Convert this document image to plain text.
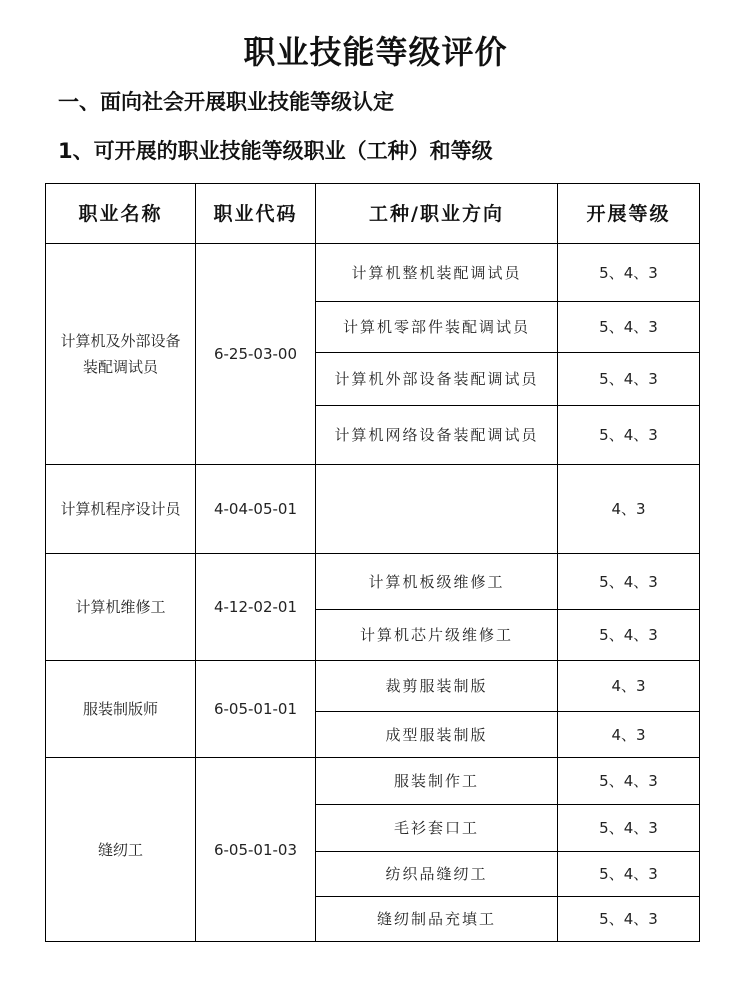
职业技能等级评价
一、面向社会开展职业技能等级认定
1、可开展的职业技能等级职业（工种）和等级
职业名称	职业代码	工种/职业方向	开展等级
计算机及外部设备装配调试员	6-25-03-00	计算机整机装配调试员	5、4、3
		计算机零部件装配调试员	5、4、3
		计算机外部设备装配调试员	5、4、3
		计算机网络设备装配调试员	5、4、3
计算机程序设计员	4-04-05-01		4、3
计算机维修工	4-12-02-01	计算机板级维修工	5、4、3
		计算机芯片级维修工	5、4、3
服装制版师	6-05-01-01	裁剪服装制版	4、3
		成型服装制版	4、3
缝纫工	6-05-01-03	服装制作工	5、4、3
		毛衫套口工	5、4、3
		纺织品缝纫工	5、4、3
		缝纫制品充填工	5、4、3
